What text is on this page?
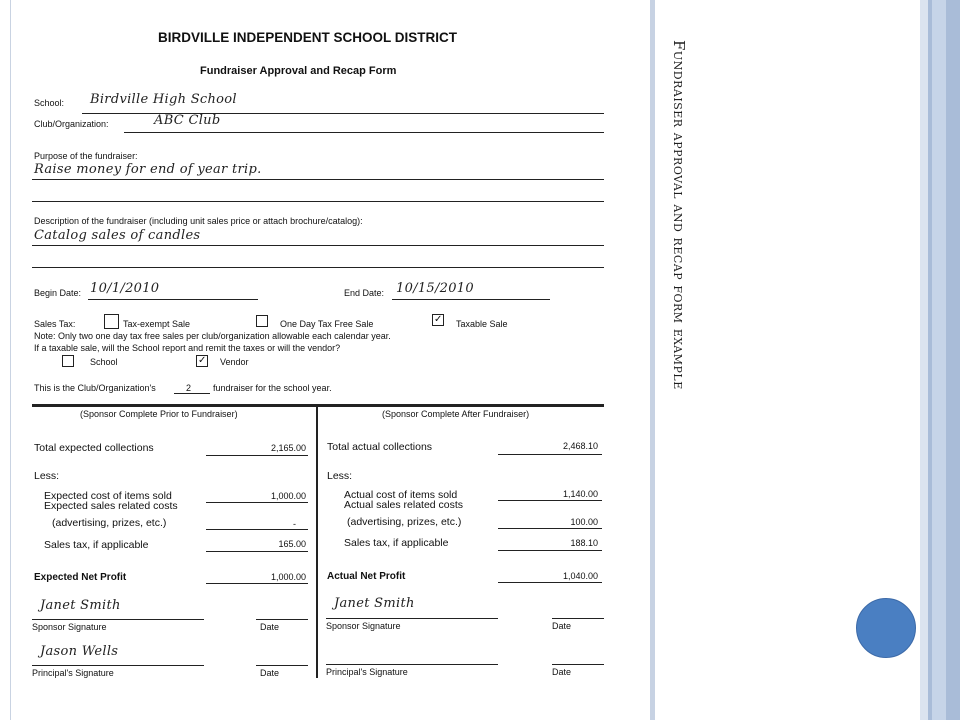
Fundraiser approval and recap form example
BIRDVILLE INDEPENDENT SCHOOL DISTRICT
Fundraiser Approval and Recap Form
School: Birdville High School
Club/Organization:	ABC Club
Purpose of the fundraiser:
Raise money for end of year trip.
Description of the fundraiser (including unit sales price or attach brochure/catalog):
Catalog sales of candles
Begin Date: 10/1/2010	End Date: 10/15/2010
Sales Tax:	Tax-exempt Sale	One Day Tax Free Sale	✓ Taxable Sale
Note: Only two one day tax free sales per club/organization allowable each calendar year.
If a taxable sale, will the School report and remit the taxes or will the vendor?
School	✓ Vendor
This is the Club/Organization's	2 fundraiser for the school year.
(Sponsor Complete Prior to Fundraiser)	(Sponsor Complete After Fundraiser)
Total expected collections	2,165.00
Less:
Expected cost of items sold	1,000.00
Expected sales related costs
(advertising, prizes, etc.)	-
Sales tax, if applicable	165.00
Expected Net Profit	1,000.00
Total actual collections	2,468.10
Less:
Actual cost of items sold	1,140.00
Actual sales related costs
(advertising, prizes, etc.)	100.00
Sales tax, if applicable	188.10
Actual Net Profit	1,040.00
Janet Smith
Sponsor Signature	Date
Jason Wells
Principal's Signature	Date
Janet Smith
Sponsor Signature	Date
Principal's Signature	Date
